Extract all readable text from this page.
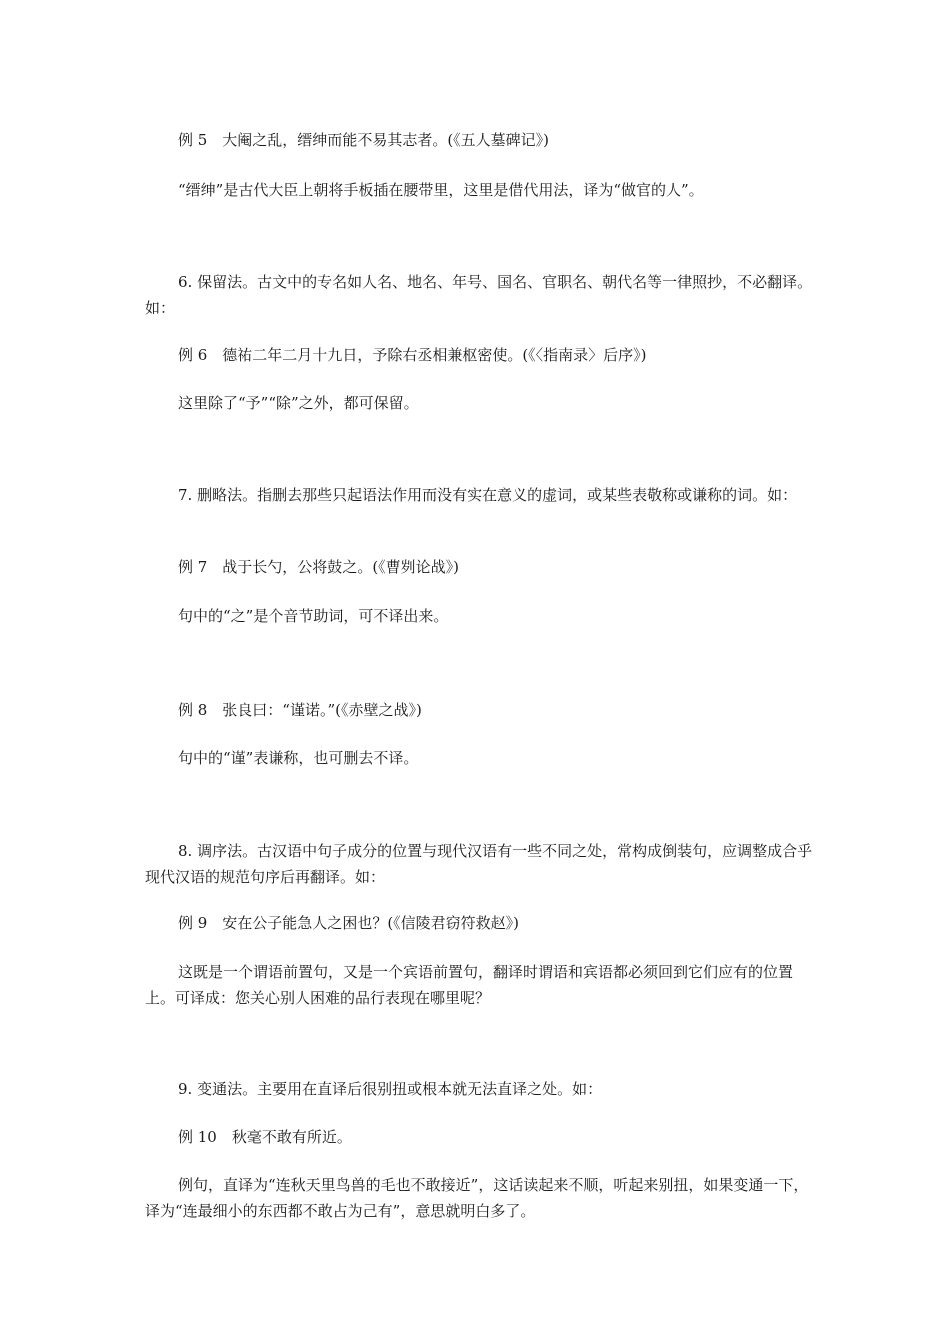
例 5　大阉之乱，缙绅而能不易其志者。(《五人墓碑记》)

“缙绅”是古代大臣上朝将手板插在腰带里，这里是借代用法，译为“做官的人”。

6. 保留法。古文中的专名如人名、地名、年号、国名、官职名、朝代名等一律照抄，不必翻译。如：

例 6　德祐二年二月十九日，予除右丞相兼枢密使。(《〈指南录〉后序》)

这里除了“予”“除”之外，都可保留。

7. 删略法。指删去那些只起语法作用而没有实在意义的虚词，或某些表敬称或谦称的词。如：

例 7　战于长勺，公将鼓之。(《曹刿论战》)

句中的“之”是个音节助词，可不译出来。

例 8　张良曰：“谨诺。”(《赤壁之战》)

句中的“谨”表谦称，也可删去不译。

8. 调序法。古汉语中句子成分的位置与现代汉语有一些不同之处，常构成倒装句，应调整成合乎现代汉语的规范句序后再翻译。如：

例 9　安在公子能急人之困也？(《信陵君窃符救赵》)

这既是一个谓语前置句，又是一个宾语前置句，翻译时谓语和宾语都必须回到它们应有的位置上。可译成：您关心别人困难的品行表现在哪里呢？

9. 变通法。主要用在直译后很别扭或根本就无法直译之处。如：

例 10　秋毫不敢有所近。

例句，直译为“连秋天里鸟兽的毛也不敢接近”，这话读起来不顺，听起来别扭，如果变通一下，译为“连最细小的东西都不敢占为己有”，意思就明白多了。
